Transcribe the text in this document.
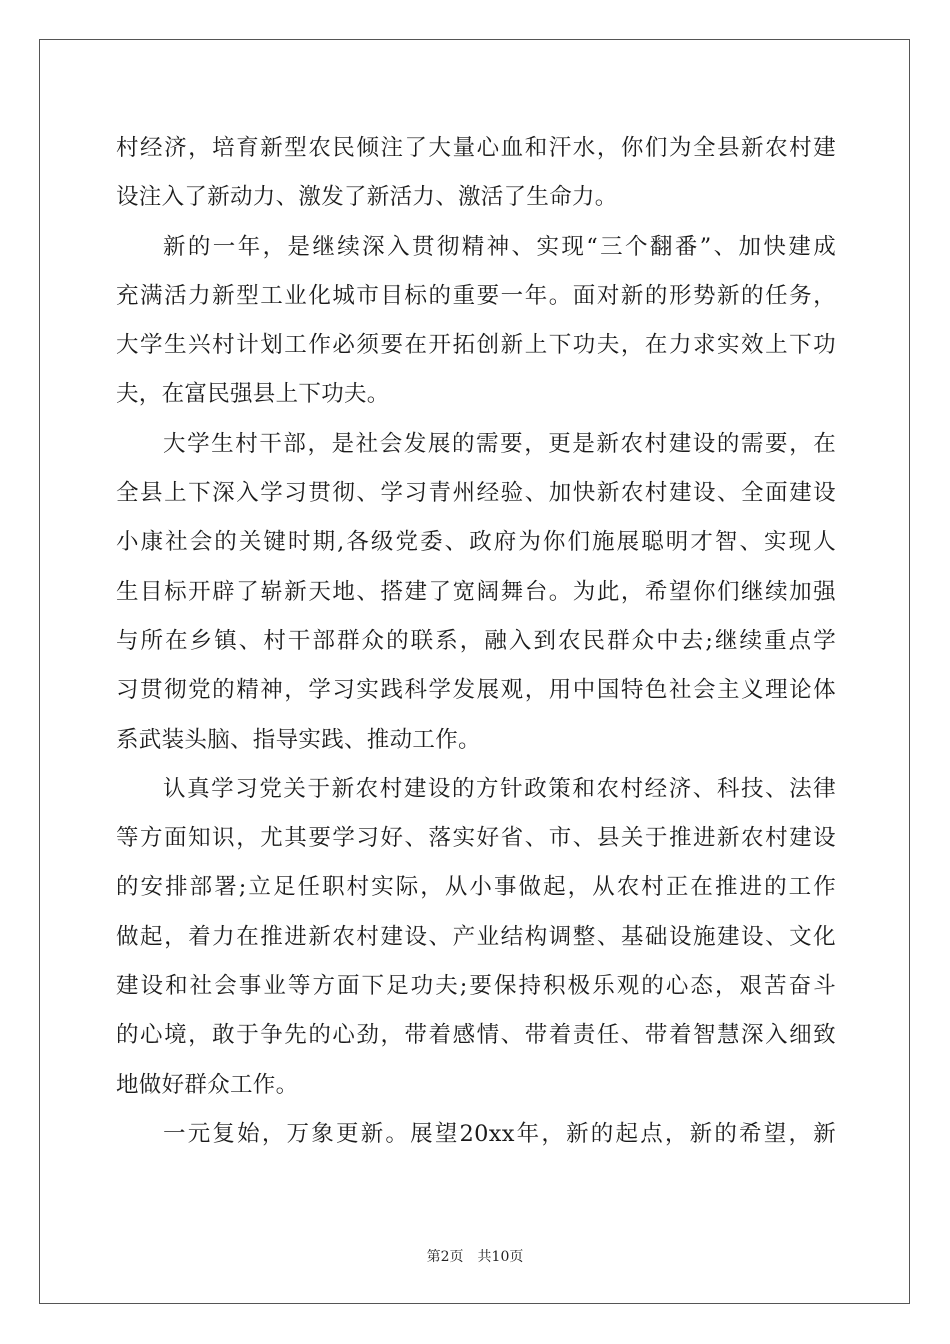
村经济，培育新型农民倾注了大量心血和汗水，你们为全县新农村建
设注入了新动力、激发了新活力、激活了生命力。
新的一年，是继续深入贯彻精神、实现“三个翻番”、加快建成
充满活力新型工业化城市目标的重要一年。面对新的形势新的任务，
大学生兴村计划工作必须要在开拓创新上下功夫，在力求实效上下功
夫，在富民强县上下功夫。
大学生村干部，是社会发展的需要，更是新农村建设的需要，在
全县上下深入学习贯彻、学习青州经验、加快新农村建设、全面建设
小康社会的关键时期,各级党委、政府为你们施展聪明才智、实现人
生目标开辟了崭新天地、搭建了宽阔舞台。为此，希望你们继续加强
与所在乡镇、村干部群众的联系，融入到农民群众中去;继续重点学
习贯彻党的精神，学习实践科学发展观，用中国特色社会主义理论体
系武装头脑、指导实践、推动工作。
认真学习党关于新农村建设的方针政策和农村经济、科技、法律
等方面知识，尤其要学习好、落实好省、市、县关于推进新农村建设
的安排部署;立足任职村实际，从小事做起，从农村正在推进的工作
做起，着力在推进新农村建设、产业结构调整、基础设施建设、文化
建设和社会事业等方面下足功夫;要保持积极乐观的心态，艰苦奋斗
的心境，敢于争先的心劲，带着感情、带着责任、带着智慧深入细致
地做好群众工作。
一元复始，万象更新。展望20xx年，新的起点，新的希望，新
第2页 共10页
